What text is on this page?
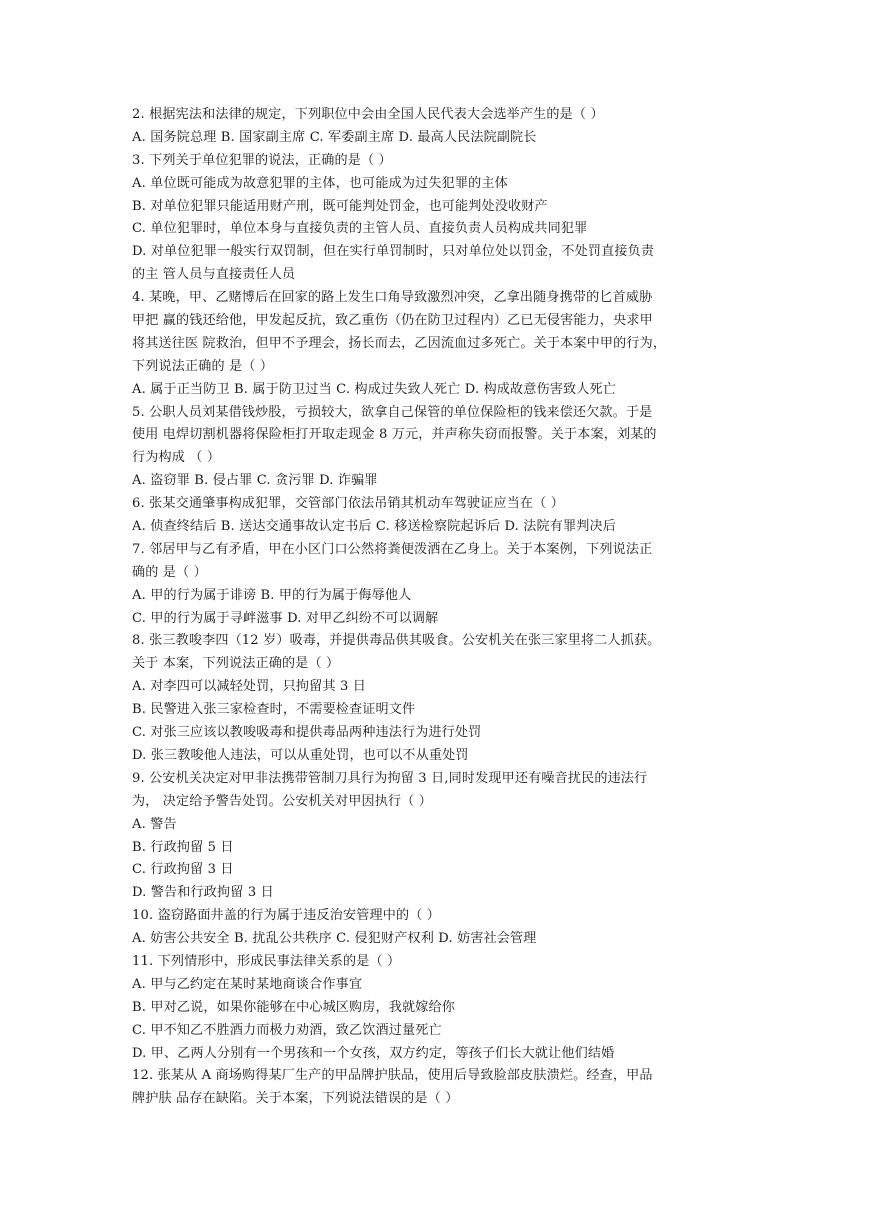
2. 根据宪法和法律的规定，下列职位中会由全国人民代表大会选举产生的是（ ）
A. 国务院总理 B. 国家副主席 C. 军委副主席 D. 最高人民法院副院长
3. 下列关于单位犯罪的说法，正确的是（ ）
A. 单位既可能成为故意犯罪的主体，也可能成为过失犯罪的主体
B. 对单位犯罪只能适用财产刑，既可能判处罚金，也可能判处没收财产
C. 单位犯罪时，单位本身与直接负责的主管人员、直接负责人员构成共同犯罪
D. 对单位犯罪一般实行双罚制，但在实行单罚制时，只对单位处以罚金，不处罚直接负责
的主 管人员与直接责任人员
4. 某晚，甲、乙赌博后在回家的路上发生口角导致激烈冲突，乙拿出随身携带的匕首威胁
甲把 赢的钱还给他，甲发起反抗，致乙重伤（仍在防卫过程内）乙已无侵害能力，央求甲
将其送往医 院救治，但甲不予理会，扬长而去，乙因流血过多死亡。关于本案中甲的行为，
下列说法正确的 是（ ）
A. 属于正当防卫 B. 属于防卫过当 C. 构成过失致人死亡 D. 构成故意伤害致人死亡
5. 公职人员刘某借钱炒股，亏损较大，欲拿自己保管的单位保险柜的钱来偿还欠款。于是
使用 电焊切割机器将保险柜打开取走现金 8 万元，并声称失窃而报警。关于本案，刘某的
行为构成 （ ）
A. 盗窃罪 B. 侵占罪 C. 贪污罪 D. 诈骗罪
6. 张某交通肇事构成犯罪，交管部门依法吊销其机动车驾驶证应当在（ ）
A. 侦查终结后 B. 送达交通事故认定书后 C. 移送检察院起诉后 D. 法院有罪判决后
7. 邻居甲与乙有矛盾，甲在小区门口公然将粪便泼洒在乙身上。关于本案例，下列说法正
确的 是（ ）
A. 甲的行为属于诽谤 B. 甲的行为属于侮辱他人
C. 甲的行为属于寻衅滋事 D. 对甲乙纠纷不可以调解
8. 张三教唆李四（12 岁）吸毒，并提供毒品供其吸食。公安机关在张三家里将二人抓获。
关于 本案，下列说法正确的是（ ）
A. 对李四可以减轻处罚，只拘留其 3 日
B. 民警进入张三家检查时，不需要检查证明文件
C. 对张三应该以教唆吸毒和提供毒品两种违法行为进行处罚
D. 张三教唆他人违法，可以从重处罚，也可以不从重处罚
9. 公安机关决定对甲非法携带管制刀具行为拘留 3 日,同时发现甲还有噪音扰民的违法行
为， 决定给予警告处罚。公安机关对甲因执行（ ）
A. 警告
B. 行政拘留 5 日
C. 行政拘留 3 日
D. 警告和行政拘留 3 日
10. 盗窃路面井盖的行为属于违反治安管理中的（ ）
A. 妨害公共安全 B. 扰乱公共秩序 C. 侵犯财产权利 D. 妨害社会管理
11. 下列情形中，形成民事法律关系的是（ ）
A. 甲与乙约定在某时某地商谈合作事宜
B. 甲对乙说，如果你能够在中心城区购房，我就嫁给你
C. 甲不知乙不胜酒力而极力劝酒，致乙饮酒过量死亡
D. 甲、乙两人分别有一个男孩和一个女孩，双方约定，等孩子们长大就让他们结婚
12. 张某从 A 商场购得某厂生产的甲品牌护肤品，使用后导致脸部皮肤溃烂。经查，甲品
牌护肤 品存在缺陷。关于本案，下列说法错误的是（ ）
